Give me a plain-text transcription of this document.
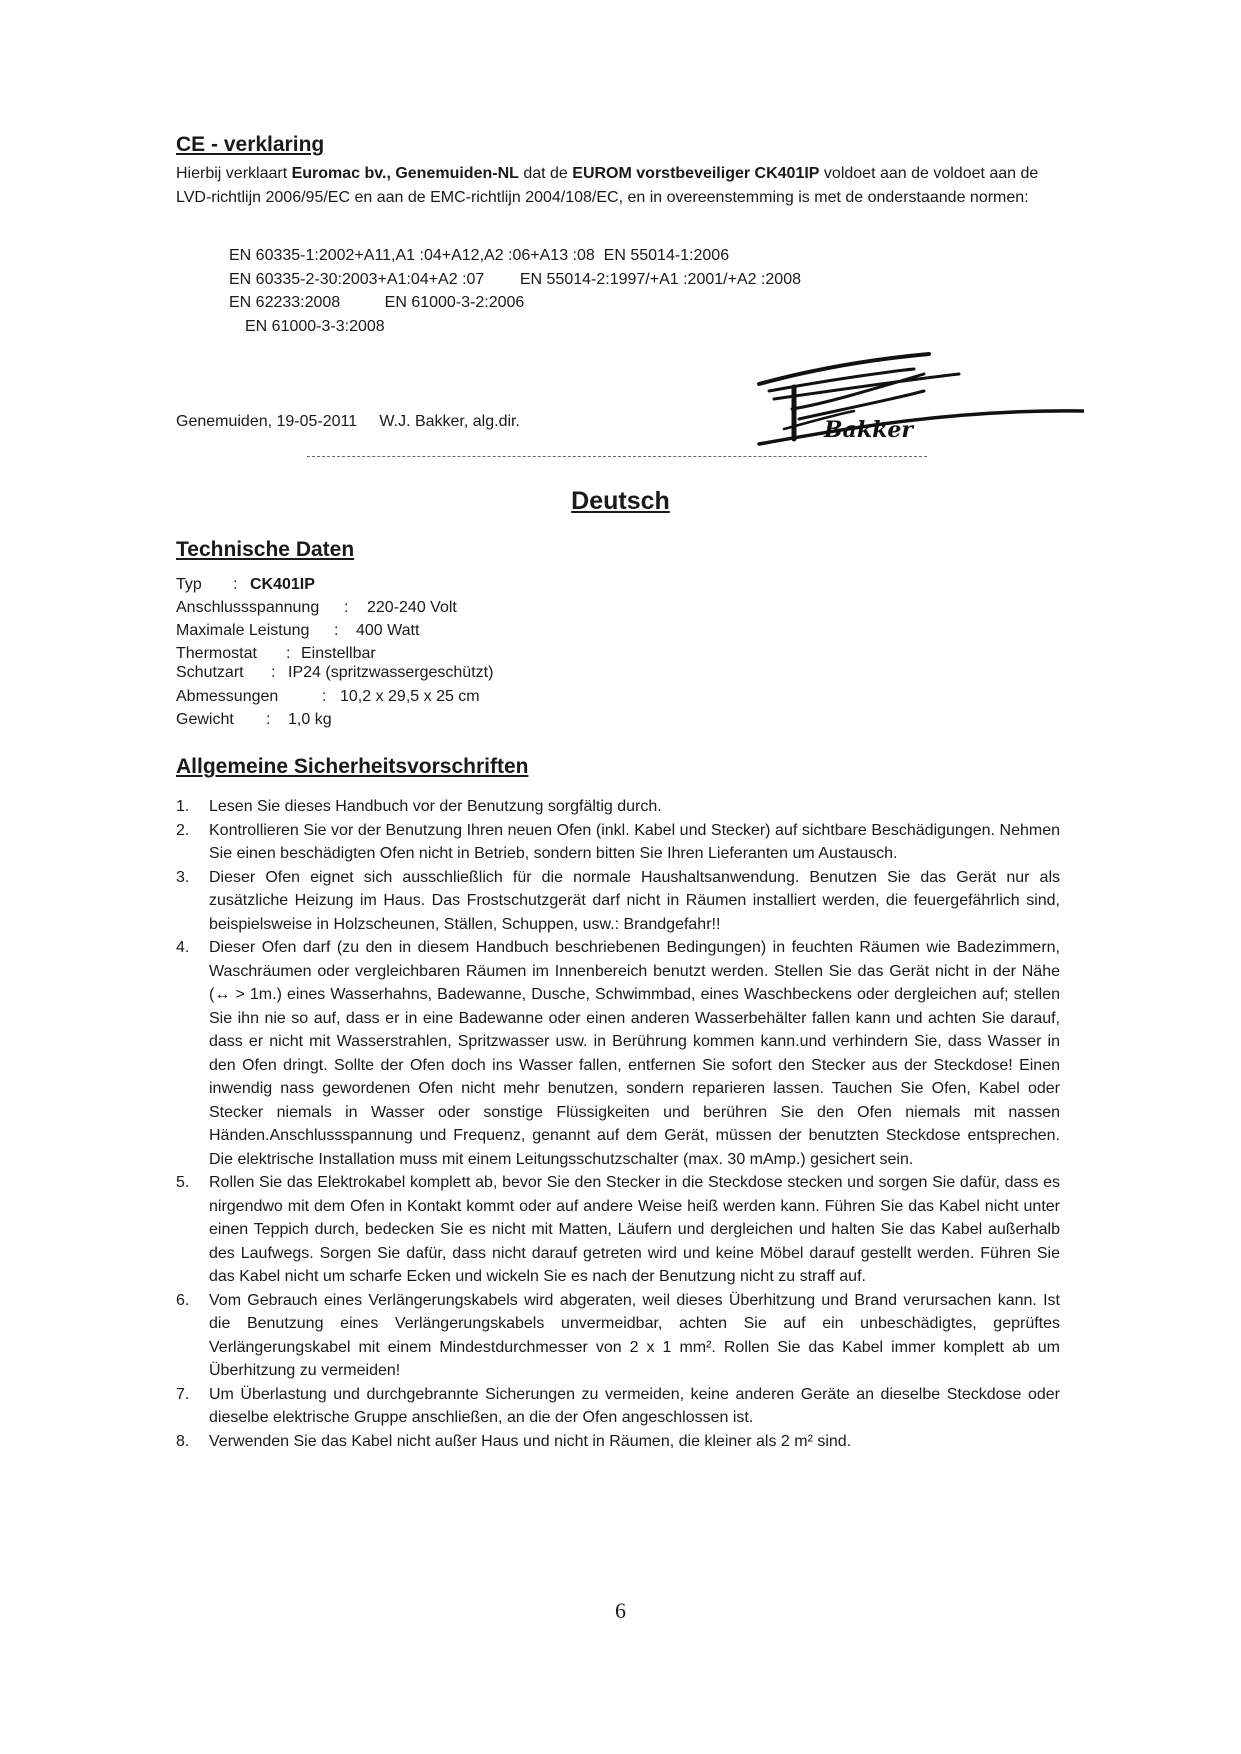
CE - verklaring

Hierbij verklaart Euromac bv., Genemuiden-NL dat de EUROM vorstbeveiliger CK401IP voldoet aan de voldoet aan de LVD-richtlijn 2006/95/EC en aan de EMC-richtlijn 2004/108/EC, en in overeenstemming is met de onderstaande normen:

EN 60335-1:2002+A11,A1 :04+A12,A2 :06+A13 :08 EN 55014-1:2006
EN 60335-2-30:2003+A1:04+A2 :07 EN 55014-2:1997/+A1 :2001/+A2 :2008
EN 62233:2008	EN 61000-3-2:2006
EN 61000-3-3:2008
Genemuiden, 19-05-2011 W.J. Bakker, alg.dir.	Bakker
Deutsch
Technische Daten
Typ : CK401IP
Anschlussspannung : 220-240 Volt
Maximale Leistung : 400 Watt
Thermostat : Einstellbar
Schutzart : IP24 (spritzwassergeschützt)
Abmessungen	: 10,2 x 29,5 x 25 cm
Gewicht : 1,0 kg
Allgemeine Sicherheitsvorschriften
1. Lesen Sie dieses Handbuch vor der Benutzung sorgfältig durch.
2. Kontrollieren Sie vor der Benutzung Ihren neuen Ofen (inkl. Kabel und Stecker) auf sichtbare Beschädigungen. Nehmen Sie einen beschädigten Ofen nicht in Betrieb, sondern bitten Sie Ihren Lieferanten um Austausch.
3. Dieser Ofen eignet sich ausschließlich für die normale Haushaltsanwendung. Benutzen Sie das Gerät nur als zusätzliche Heizung im Haus. Das Frostschutzgerät darf nicht in Räumen installiert werden, die feuergefährlich sind, beispielsweise in Holzscheunen, Ställen, Schuppen, usw.: Brandgefahr!!
4. Dieser Ofen darf (zu den in diesem Handbuch beschriebenen Bedingungen) in feuchten Räumen wie Badezimmern, Waschräumen oder vergleichbaren Räumen im Innenbereich benutzt werden. Stellen Sie das Gerät nicht in der Nähe (↔ > 1m.) eines Wasserhahns, Badewanne, Dusche, Schwimmbad, eines Waschbeckens oder dergleichen auf; stellen Sie ihn nie so auf, dass er in eine Badewanne oder einen anderen Wasserbehälter fallen kann und achten Sie darauf, dass er nicht mit Wasserstrahlen, Spritzwasser usw. in Berührung kommen kann.und verhindern Sie, dass Wasser in den Ofen dringt. Sollte der Ofen doch ins Wasser fallen, entfernen Sie sofort den Stecker aus der Steckdose! Einen inwendig nass gewordenen Ofen nicht mehr benutzen, sondern reparieren lassen. Tauchen Sie Ofen, Kabel oder Stecker niemals in Wasser oder sonstige Flüssigkeiten und berühren Sie den Ofen niemals mit nassen Händen.Anschlussspannung und Frequenz, genannt auf dem Gerät, müssen der benutzten Steckdose entsprechen. Die elektrische Installation muss mit einem Leitungsschutzschalter (max. 30 mAmp.) gesichert sein.
5. Rollen Sie das Elektrokabel komplett ab, bevor Sie den Stecker in die Steckdose stecken und sorgen Sie dafür, dass es nirgendwo mit dem Ofen in Kontakt kommt oder auf andere Weise heiß werden kann. Führen Sie das Kabel nicht unter einen Teppich durch, bedecken Sie es nicht mit Matten, Läufern und dergleichen und halten Sie das Kabel außerhalb des Laufwegs. Sorgen Sie dafür, dass nicht darauf getreten wird und keine Möbel darauf gestellt werden. Führen Sie das Kabel nicht um scharfe Ecken und wickeln Sie es nach der Benutzung nicht zu straff auf.
6. Vom Gebrauch eines Verlängerungskabels wird abgeraten, weil dieses Überhitzung und Brand verursachen kann. Ist die Benutzung eines Verlängerungskabels unvermeidbar, achten Sie auf ein unbeschädigtes, geprüftes Verlängerungskabel mit einem Mindestdurchmesser von 2 x 1 mm². Rollen Sie das Kabel immer komplett ab um Überhitzung zu vermeiden!
7. Um Überlastung und durchgebrannte Sicherungen zu vermeiden, keine anderen Geräte an dieselbe Steckdose oder dieselbe elektrische Gruppe anschließen, an die der Ofen angeschlossen ist.
8. Verwenden Sie das Kabel nicht außer Haus und nicht in Räumen, die kleiner als 2 m² sind.
6
